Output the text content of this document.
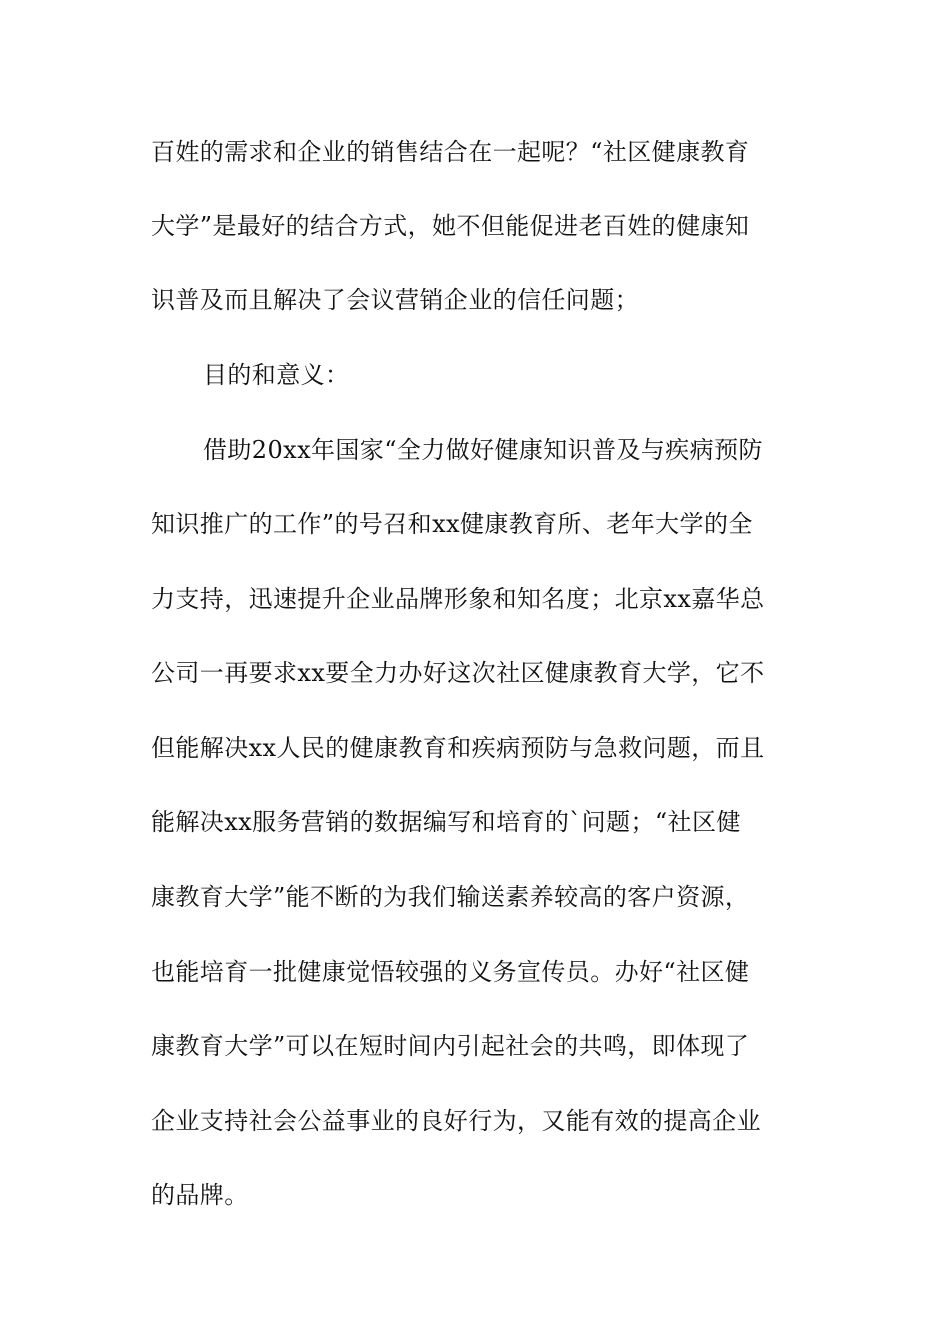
百姓的需求和企业的销售结合在一起呢？“社区健康教育
大学”是最好的结合方式，她不但能促进老百姓的健康知
识普及而且解决了会议营销企业的信任问题；
目的和意义：
借助20xx年国家“全力做好健康知识普及与疾病预防
知识推广的工作”的号召和xx健康教育所、老年大学的全
力支持，迅速提升企业品牌形象和知名度；北京xx嘉华总
公司一再要求xx要全力办好这次社区健康教育大学，它不
但能解决xx人民的健康教育和疾病预防与急救问题，而且
能解决xx服务营销的数据编写和培育的`问题；“社区健
康教育大学”能不断的为我们输送素养较高的客户资源，
也能培育一批健康觉悟较强的义务宣传员。办好“社区健
康教育大学”可以在短时间内引起社会的共鸣，即体现了
企业支持社会公益事业的良好行为，又能有效的提高企业
的品牌。
